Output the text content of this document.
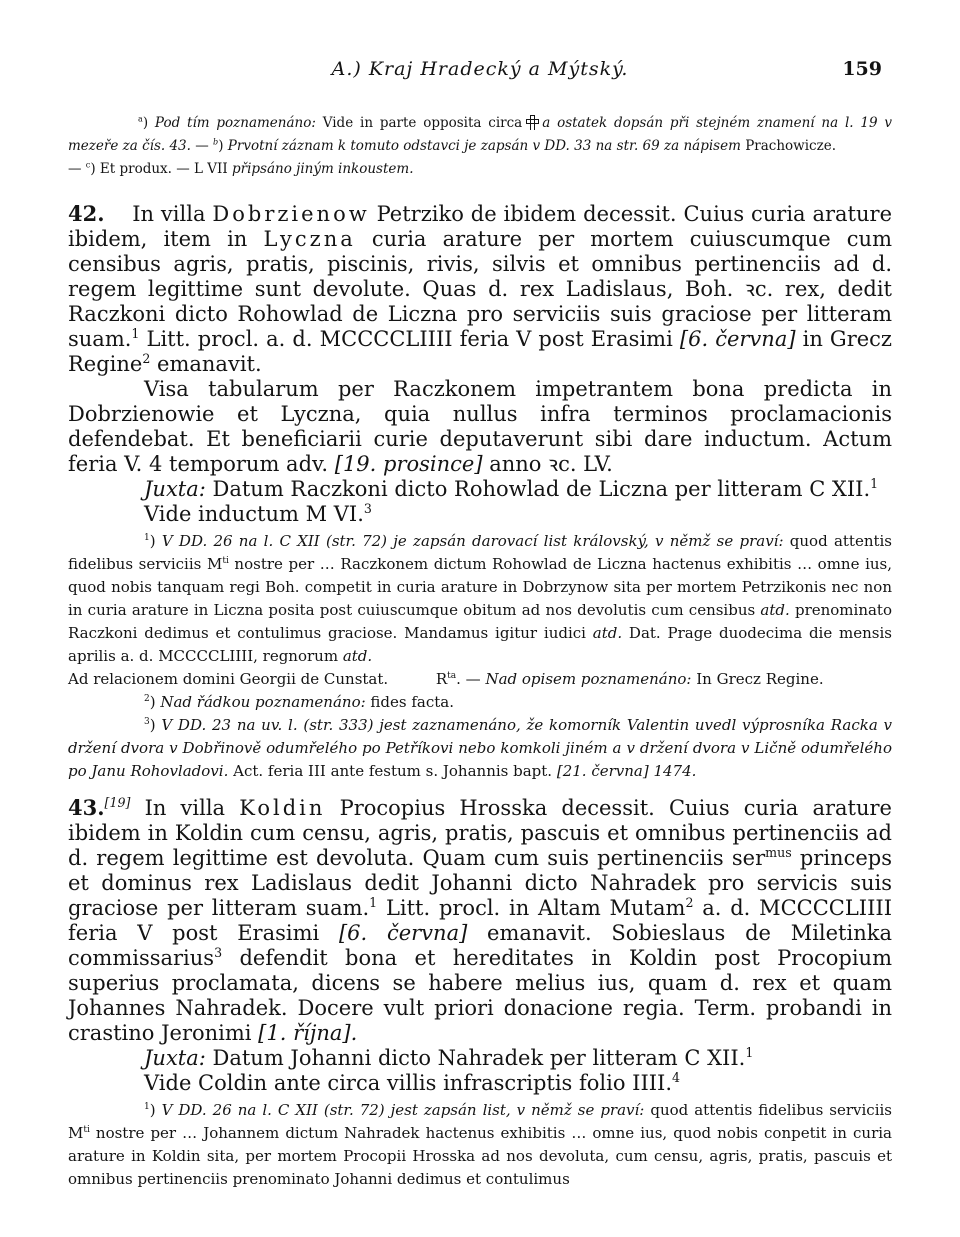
A.) Kraj Hradecký a Mýtský.	159

$^a$) Pod tím poznamenáno: Vide in parte opposita circa a ostatek dopsán při stejném znamení na l. 19 v mezeře za čís. 43. — $^b$) Prvotní záznam k tomuto odstavci je zapsán v DD. 33 na str. 69 za nápisem Prachowicze.

— $^c$) Et produx. — L VII připsáno jiným inkoustem.

42. In villa Dobrzienow Petrziko de ibidem decessit. Cuius curia arature ibidem, item in Lyczna curia arature per mortem cuiuscumque cum censibus agris, pratis, piscinis, rivis, silvis et omnibus pertinenciis ad d. regem legittime sunt devolute. Quas d. rex Ladislaus, Boh. ꝛc. rex, dedit Raczkoni dicto Rohowlad de Liczna pro serviciis suis graciose per litteram suam.$^1$ Litt. procl. a. d. MCCCCLIIII feria V post Erasimi [6. června] in Grecz Regine$^2$ emanavit.

Visa tabularum per Raczkonem impetrantem bona predicta in Dobrzienowie et Lyczna, quia nullus infra terminos proclamacionis defendebat. Et beneficiarii curie deputaverunt sibi dare inductum. Actum feria V. 4 temporum adv. [19. prosince] anno ꝛc. LV.

Juxta: Datum Raczkoni dicto Rohowlad de Liczna per litteram C XII.$^1$

Vide inductum M VI.$^3$

$^1$) V DD. 26 na l. C XII (str. 72) je zapsán darovací list královský, v němž se praví: quod attentis fidelibus serviciis $M^{ti}$ nostre per … Raczkonem dictum Rohowlad de Liczna hactenus exhibitis … omne ius, quod nobis tanquam regi Boh. competit in curia arature in Dobrzynow sita per mortem Petrzikonis nec non in curia arature in Liczna posita post cuiuscumque obitum ad nos devolutis cum censibus atd. prenominato Raczkoni dedimus et contulimus graciose. Mandamus igitur iudici atd. Dat. Prage duodecima die mensis aprilis a. d. MCCCCLIIII, regnorum atd.

Ad relacionem domini Georgii de Cunstat.	$R^{ta}$. — Nad opisem poznamenáno: In Grecz Regine.

$^2$) Nad řádkou poznamenáno: fides facta.

$^3$) V DD. 23 na uv. l. (str. 333) jest zaznamenáno, že komorník Valentin uvedl výprosníka Racka v držení dvora v Dobřinově odumřelého po Petříkovi nebo komkoli jiném a v držení dvora v Ličně odumřelého po Janu Rohovladovi. Act. feria III ante festum s. Johannis bapt. [21. června] 1474.

43.[19] In villa Koldin Procopius Hrosska decessit. Cuius curia arature ibidem in Koldin cum censu, agris, pratis, pascuis et omnibus pertinenciis ad d. regem legittime est devoluta. Quam cum suis pertinenciis ser$^{mus}$ princeps et dominus rex Ladislaus dedit Johanni dicto Nahradek pro servicis suis graciose per litteram suam.$^1$ Litt. procl. in Altam Mutam$^2$ a. d. MCCCCLIIII feria V post Erasimi [6. června] emanavit. Sobieslaus de Miletinka commissarius$^3$ defendit bona et hereditates in Koldin post Procopium superius proclamata, dicens se habere melius ius, quam d. rex et quam Johannes Nahradek. Docere vult priori donacione regia. Term. probandi in crastino Jeronimi [1. října].

Juxta: Datum Johanni dicto Nahradek per litteram C XII.$^1$

Vide Coldin ante circa villis infrascriptis folio IIII.$^4$

$^1$) V DD. 26 na l. C XII (str. 72) jest zapsán list, v němž se praví: quod attentis fidelibus serviciis $M^{ti}$ nostre per … Johannem dictum Nahradek hactenus exhibitis … omne ius, quod nobis conpetit in curia arature in Koldin sita, per mortem Procopii Hrosska ad nos devoluta, cum censu, agris, pratis, pascuis et omnibus pertinenciis prenominato Johanni dedimus et contulimus
